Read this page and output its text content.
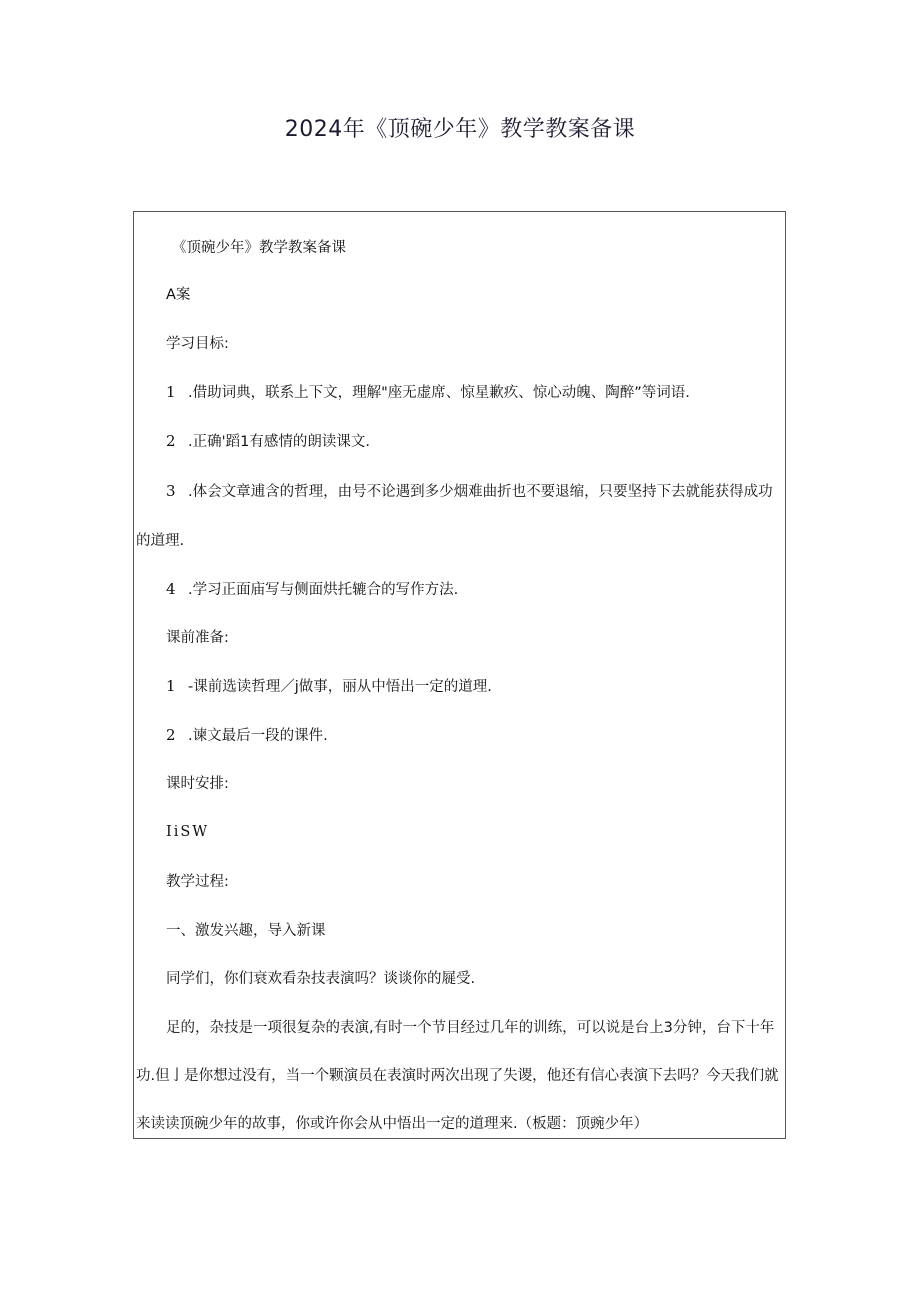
2024年《顶碗少年》教学教案备课
《顶碗少年》教学教案备课
A案
学习目标:
1 .借助词典，联系上下文，理解"座无虚席、惊星歉疚、惊心动魄、陶醉”等词语.
2 .正确'蹈1有感情的朗读课文.
3 .体会文章逋含的哲理，由号不论遇到多少烟难曲折也不要退缩，只要坚持下去就能获得成功
的道理.
4 .学习正面庙写与侧面烘托辘合的写作方法.
课前准备:
1 -课前选读哲理／j做事，丽从中悟出一定的道理.
2 .谏文最后一段的课件.
课时安排:
IiSW
教学过程:
一、激发兴趣，导入新课
同学们，你们衰欢看杂技表演吗？谈谈你的屣受.
足的，杂技是一项很复杂的表演,有时一个节目经过几年的训练，可以说是台上3分钟，台下十年
功.但亅是你想过没有，当一个颗演员在表演时两次出现了失谡，他还有信心表演下去吗？今天我们就
来读读顶碗少年的故事，你或许你会从中悟出一定的道理来.（板题：顶豌少年）
